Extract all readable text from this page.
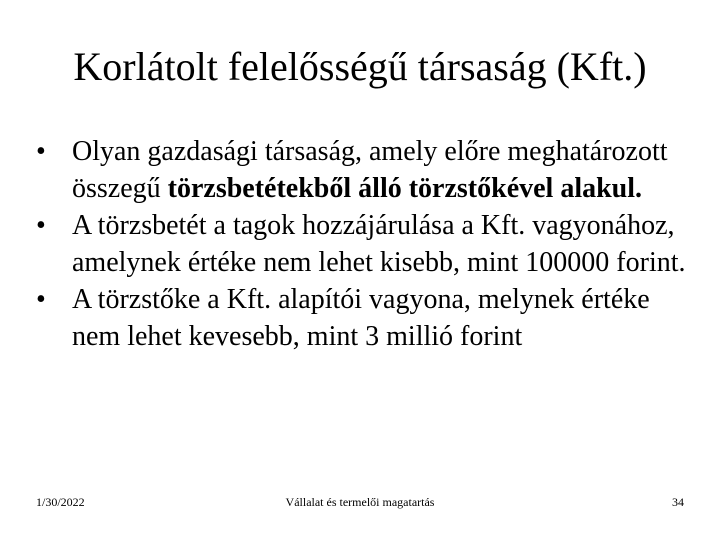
Korlátolt felelősségű társaság (Kft.)
• Olyan gazdasági társaság, amely előre meghatározott összegű törzsbetétekből álló törzstőkével alakul.
• A törzsbetét a tagok hozzájárulása a Kft. vagyonához, amelynek értéke nem lehet kisebb, mint 100000 forint.
• A törzstőke a Kft. alapítói vagyona, melynek értéke nem lehet kevesebb, mint 3 millió forint
1/30/2022	Vállalat és termelői magatartás	34
